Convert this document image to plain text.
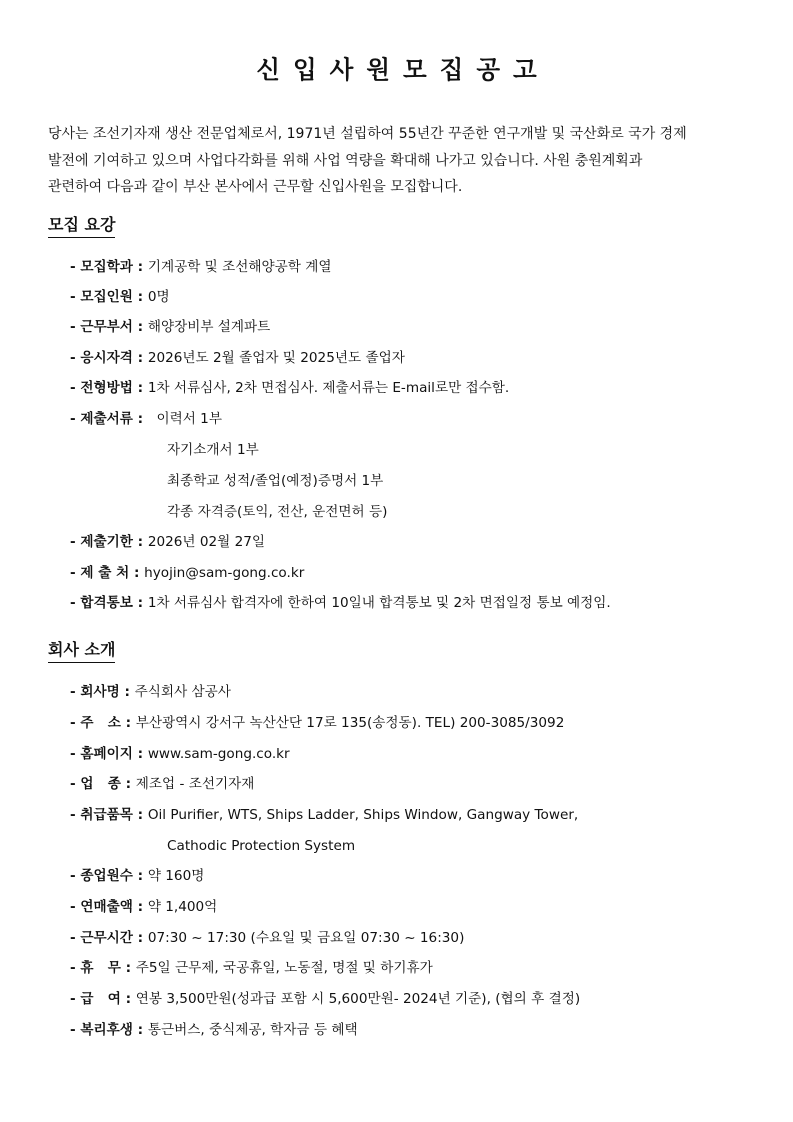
신입사원모집공고
당사는 조선기자재 생산 전문업체로서, 1971년 설립하여 55년간 꾸준한 연구개발 및 국산화로 국가 경제
발전에 기여하고 있으며 사업다각화를 위해 사업 역량을 확대해 나가고 있습니다. 사원 충원계획과
관련하여 다음과 같이 부산 본사에서 근무할 신입사원을 모집합니다.
모집 요강
- 모집학과 : 기계공학 및 조선해양공학 계열
- 모집인원 : 0명
- 근무부서 : 해양장비부 설계파트
- 응시자격 : 2026년도 2월 졸업자 및 2025년도 졸업자
- 전형방법 : 1차 서류심사, 2차 면접심사. 제출서류는 E-mail로만 접수함.
- 제출서류 :   이력서 1부
자기소개서 1부
최종학교 성적/졸업(예정)증명서 1부
각종 자격증(토익, 전산, 운전면허 등)
- 제출기한 : 2026년 02월 27일
- 제 출 처 : hyojin@sam-gong.co.kr
- 합격통보 : 1차 서류심사 합격자에 한하여 10일내 합격통보 및 2차 면접일정 통보 예정임.
회사 소개
- 회사명 : 주식회사 삼공사
- 주   소 : 부산광역시 강서구 녹산산단 17로 135(송정동). TEL) 200-3085/3092
- 홈페이지 : www.sam-gong.co.kr
- 업   종 : 제조업 - 조선기자재
- 취급품목 : Oil Purifier, WTS, Ships Ladder, Ships Window, Gangway Tower,
Cathodic Protection System
- 종업원수 : 약 160명
- 연매출액 : 약 1,400억
- 근무시간 : 07:30 ~ 17:30 (수요일 및 금요일 07:30 ~ 16:30)
- 휴   무 : 주5일 근무제, 국공휴일, 노동절, 명절 및 하기휴가
- 급   여 : 연봉 3,500만원(성과급 포함 시 5,600만원- 2024년 기준), (협의 후 결정)
- 복리후생 : 통근버스, 중식제공, 학자금 등 혜택
